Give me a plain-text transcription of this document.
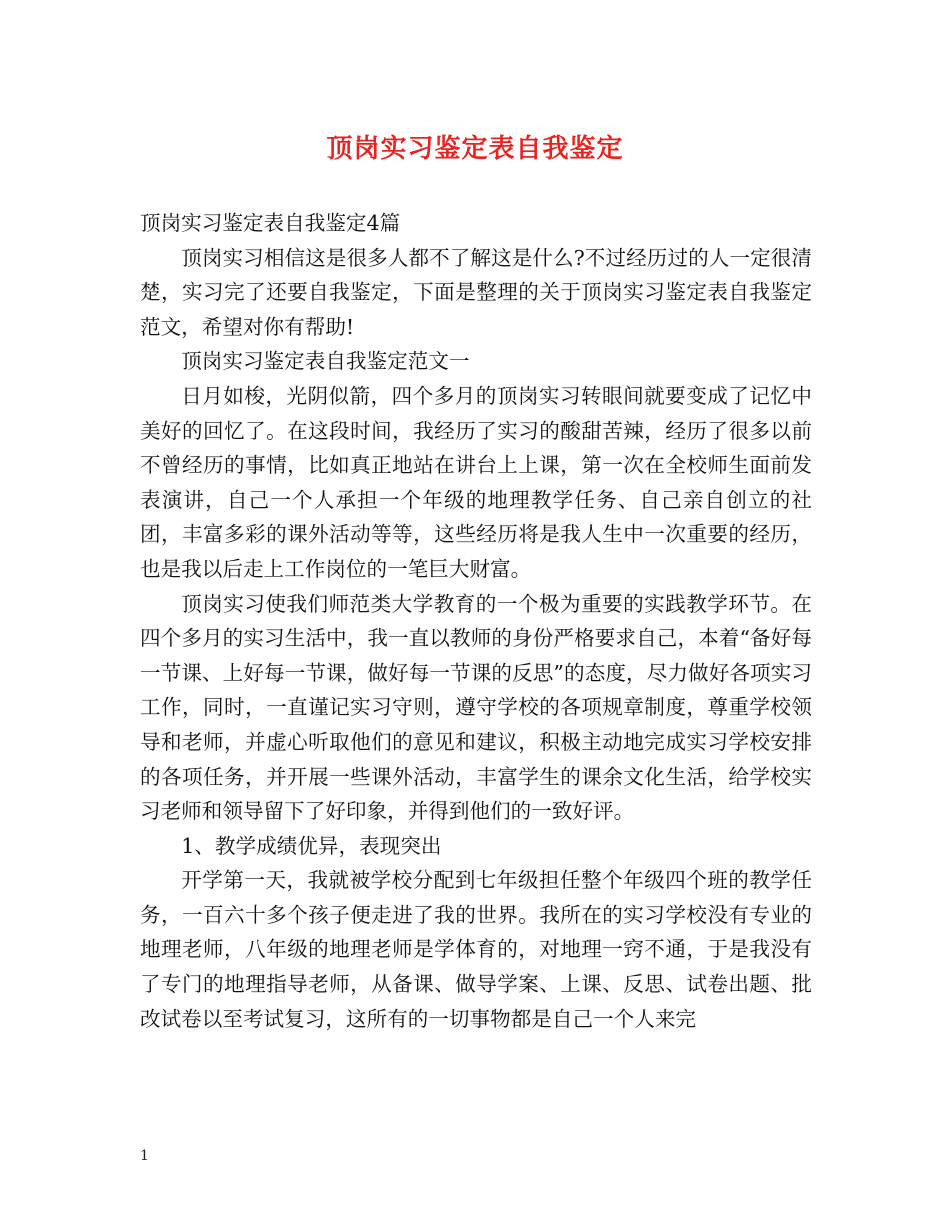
顶岗实习鉴定表自我鉴定

顶岗实习鉴定表自我鉴定4篇

顶岗实习相信这是很多人都不了解这是什么?不过经历过的人一定很清楚，实习完了还要自我鉴定，下面是整理的关于顶岗实习鉴定表自我鉴定范文，希望对你有帮助!

顶岗实习鉴定表自我鉴定范文一

日月如梭，光阴似箭，四个多月的顶岗实习转眼间就要变成了记忆中美好的回忆了。在这段时间，我经历了实习的酸甜苦辣，经历了很多以前不曾经历的事情，比如真正地站在讲台上上课，第一次在全校师生面前发表演讲，自己一个人承担一个年级的地理教学任务、自己亲自创立的社团，丰富多彩的课外活动等等，这些经历将是我人生中一次重要的经历，也是我以后走上工作岗位的一笔巨大财富。

顶岗实习使我们师范类大学教育的一个极为重要的实践教学环节。在四个多月的实习生活中，我一直以教师的身份严格要求自己，本着“备好每一节课、上好每一节课，做好每一节课的反思”的态度，尽力做好各项实习工作，同时，一直谨记实习守则，遵守学校的各项规章制度，尊重学校领导和老师，并虚心听取他们的意见和建议，积极主动地完成实习学校安排的各项任务，并开展一些课外活动，丰富学生的课余文化生活，给学校实习老师和领导留下了好印象，并得到他们的一致好评。

1、教学成绩优异，表现突出

开学第一天，我就被学校分配到七年级担任整个年级四个班的教学任务，一百六十多个孩子便走进了我的世界。我所在的实习学校没有专业的地理老师，八年级的地理老师是学体育的，对地理一窍不通，于是我没有了专门的地理指导老师，从备课、做导学案、上课、反思、试卷出题、批改试卷以至考试复习，这所有的一切事物都是自己一个人来完

1
